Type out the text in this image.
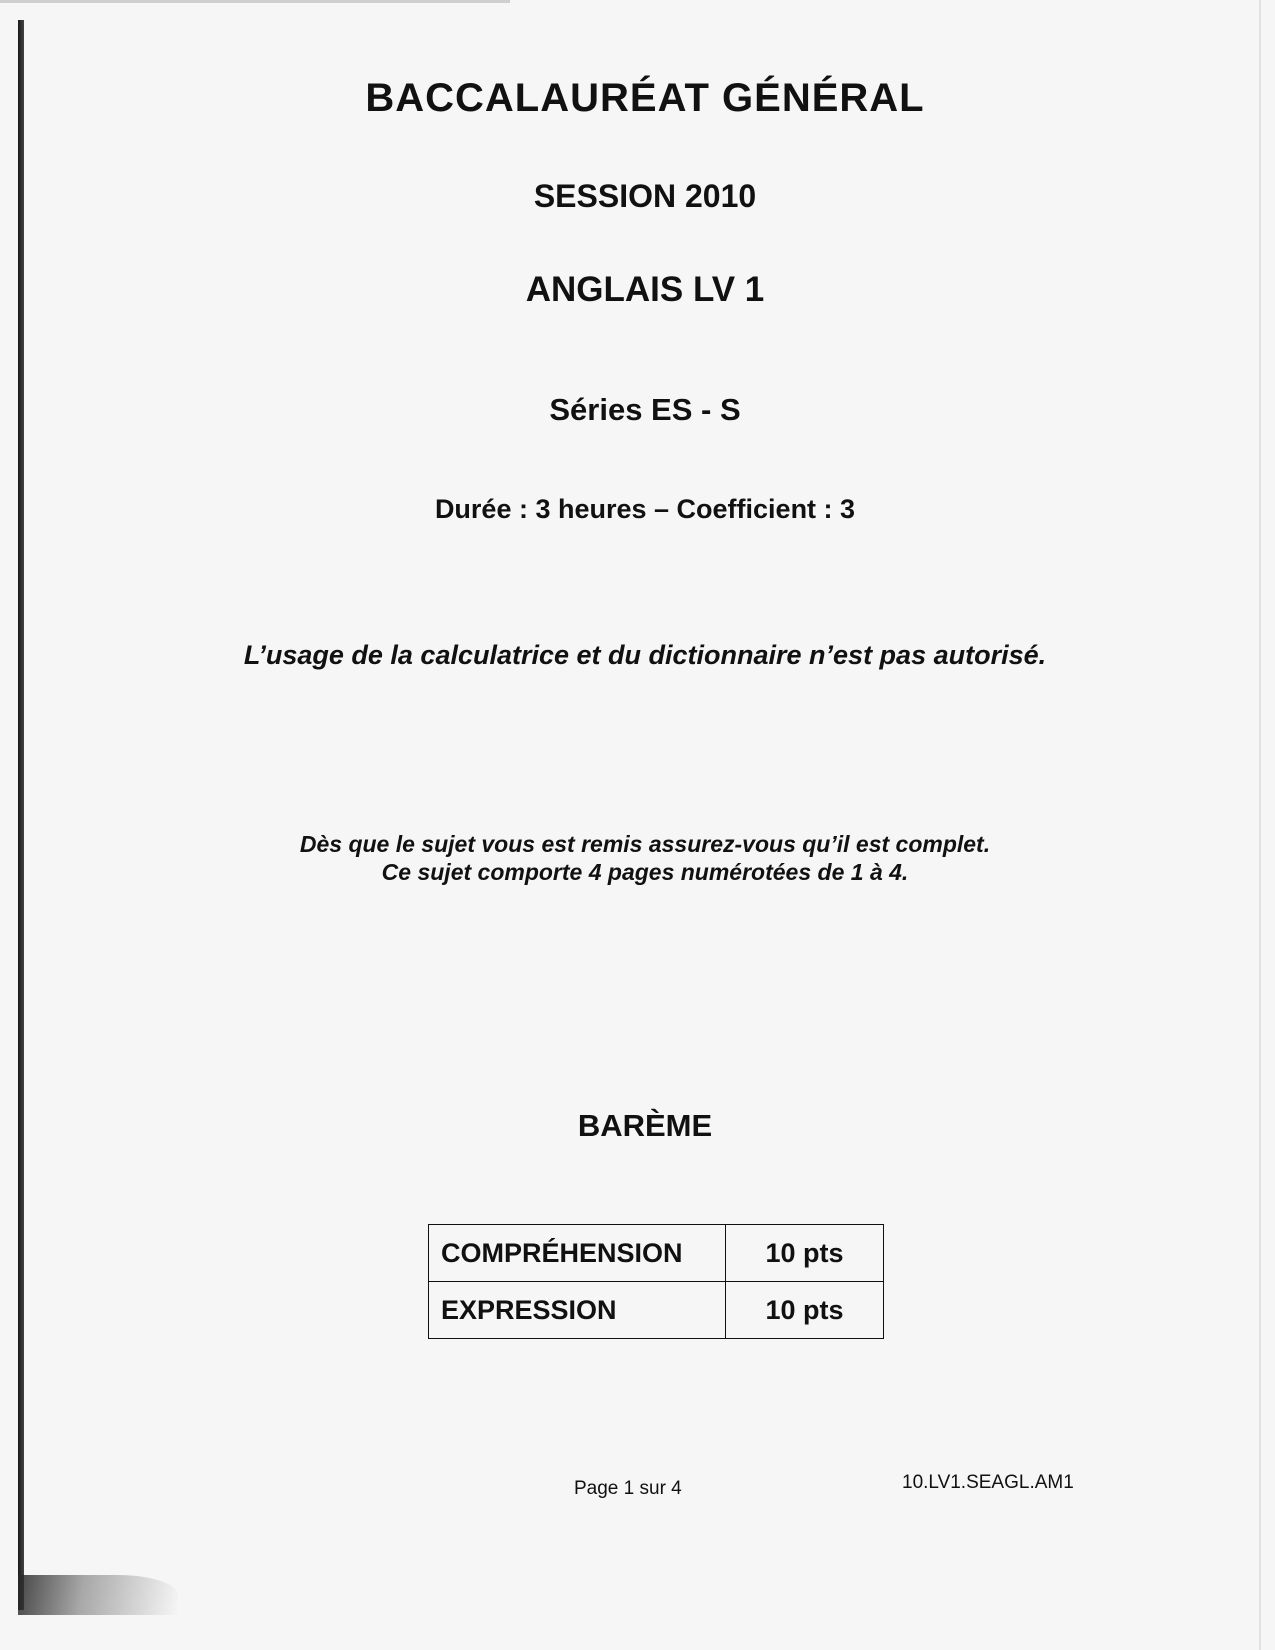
BACCALAURÉAT GÉNÉRAL
SESSION 2010
ANGLAIS LV 1
Séries ES - S
Durée : 3 heures – Coefficient : 3
L’usage de la calculatrice et du dictionnaire n’est pas autorisé.
Dès que le sujet vous est remis assurez-vous qu’il est complet.
Ce sujet comporte 4 pages numérotées de 1 à 4.
BARÈME
COMPRÉHENSION	10 pts
EXPRESSION	10 pts
Page 1 sur 4	10.LV1.SEAGL.AM1
